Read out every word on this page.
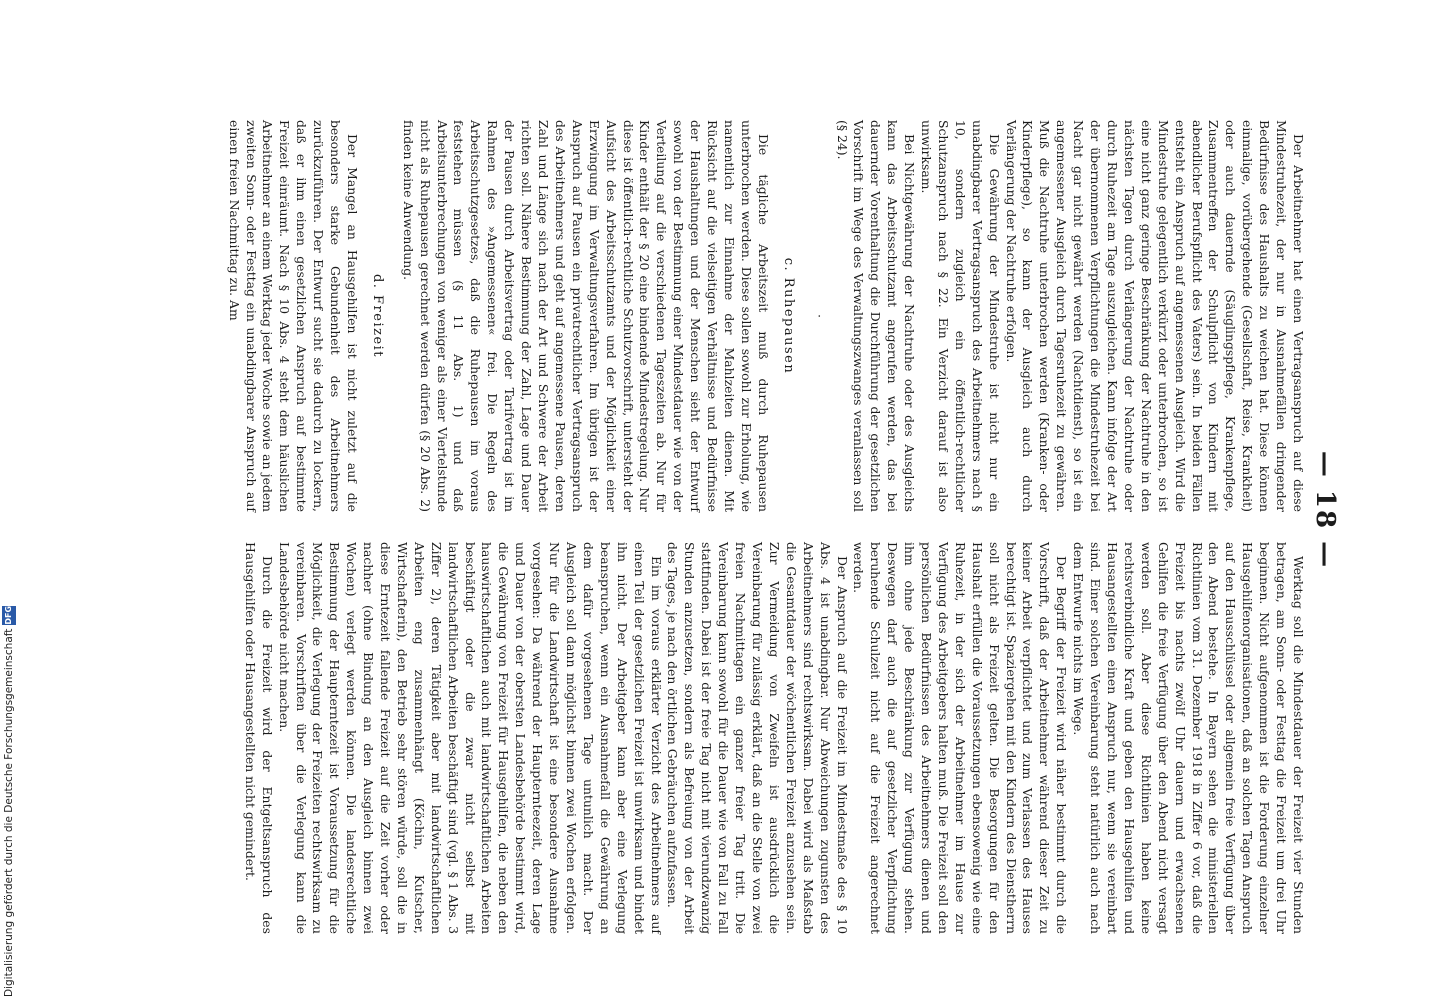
— 18 —

Der Arbeitnehmer hat einen Vertragsanspruch auf diese Mindestruhezeit, der nur in Ausnahmefällen dringender Bedürfnisse des Haushalts zu weichen hat. Diese können einmalige, vorübergehende (Gesellschaft, Reise, Krankheit) oder auch dauernde (Säuglingspflege, Krankenpflege, Zusammentreffen der Schulpflicht von Kindern mit abendlicher Berufspflicht des Vaters) sein. In beiden Fällen entsteht ein Anspruch auf angemessenen Ausgleich. Wird die Mindestruhe gelegentlich verkürzt oder unterbrochen, so ist eine nicht ganz geringe Beschränkung der Nachtruhe in den nächsten Tagen durch Verlängerung der Nachtruhe oder durch Ruhezeit am Tage auszugleichen. Kann infolge der Art der übernommenen Verpflichtungen die Mindestruhezeit bei Nacht gar nicht gewährt werden (Nachtdienst), so ist ein angemessener Ausgleich durch Tagesruhezeit zu gewähren. Muß die Nachtruhe unterbrochen werden (Kranken- oder Kinderpflege), so kann der Ausgleich auch durch Verlängerung der Nachtruhe erfolgen.

Die Gewährung der Mindestruhe ist nicht nur ein unabdingbarer Vertragsanspruch des Arbeitnehmers nach § 10, sondern zugleich ein öffentlich-rechtlicher Schutzanspruch nach § 22. Ein Verzicht darauf ist also unwirksam.

Bei Nichtgewährung der Nachtruhe oder des Ausgleichs kann das Arbeitsschutzamt angerufen werden, das bei dauernder Vorenthaltung die Durchführung der gesetzlichen Vorschrift im Wege des Verwaltungszwanges veranlassen soll (§ 24).

·
c. Ruhepausen

Die tägliche Arbeitszeit muß durch Ruhepausen unterbrochen werden. Diese sollen sowohl zur Erholung, wie namentlich zur Einnahme der Mahlzeiten dienen. Mit Rücksicht auf die vielseitigen Verhältnisse und Bedürfnisse der Haushaltungen und der Menschen sieht der Entwurf sowohl von der Bestimmung einer Mindestdauer wie von der Verteilung auf die verschiedenen Tageszeiten ab. Nur für Kinder enthält der § 20 eine bindende Mindestregelung. Nur diese ist öffentlich-rechtliche Schutzvorschrift, untersteht der Aufsicht des Arbeitsschutzamts und der Möglichkeit einer Erzwingung im Verwaltungsverfahren. Im übrigen ist der Anspruch auf Pausen ein privatrechtlicher Vertragsanspruch des Arbeitnehmers und geht auf angemessene Pausen, deren Zahl und Länge sich nach der Art und Schwere der Arbeit richten soll. Nähere Bestimmung der Zahl, Lage und Dauer der Pausen durch Arbeitsvertrag oder Tarifvertrag ist im Rahmen des »Angemessenen« frei. Die Regeln des Arbeitsschutzgesetzes, daß die Ruhepausen im voraus feststehen müssen (§ 11 Abs. 1) und daß Arbeitsunterbrechungen von weniger als einer Viertelstunde nicht als Ruhepausen gerechnet werden dürfen (§ 20 Abs. 2) finden keine Anwendung.

d. Freizeit

Der Mangel an Hausgehilfen ist nicht zuletzt auf die besonders starke Gebundenheit des Arbeitnehmers zurückzuführen. Der Entwurf sucht sie dadurch zu lockern, daß er ihm einen gesetzlichen Anspruch auf bestimmte Freizeit einräumt. Nach § 10 Abs. 4 steht dem häuslichen Arbeitnehmer an einem Werktag jeder Woche sowie an jedem zweiten Sonn- oder Festtag ein unabdingbarer Anspruch auf einen freien Nachmittag zu. Am

Werktag soll die Mindestdauer der Freizeit vier Stunden betragen, am Sonn- oder Festtag die Freizeit um drei Uhr beginnen. Nicht aufgenommen ist die Forderung einzelner Hausgehilfenorganisationen, daß an solchen Tagen Anspruch auf den Hausschlüssel oder allgemein freie Verfügung über den Abend bestehe. In Bayern sehen die ministeriellen Richtlinien vom 31. Dezember 1918 in Ziffer 6 vor, daß die Freizeit bis nachts zwölf Uhr dauern und erwachsenen Gehilfen die freie Verfügung über den Abend nicht versagt werden soll. Aber diese Richtlinien haben keine rechtsverbindliche Kraft und geben den Hausgehilfen und Hausangestellten einen Anspruch nur, wenn sie vereinbart sind. Einer solchen Vereinbarung steht natürlich auch nach dem Entwurfe nichts im Wege.

Der Begriff der Freizeit wird näher bestimmt durch die Vorschrift, daß der Arbeitnehmer während dieser Zeit zu keiner Arbeit verpflichtet und zum Verlassen des Hauses berechtigt ist. Spaziergehen mit den Kindern des Dienstherrn soll nicht als Freizeit gelten. Die Besorgungen für den Haushalt erfüllen die Voraussetzungen ebensowenig wie eine Ruhezeit, in der sich der Arbeitnehmer im Hause zur Verfügung des Arbeitgebers halten muß. Die Freizeit soll den persönlichen Bedürfnissen des Arbeitnehmers dienen und ihm ohne jede Beschränkung zur Verfügung stehen. Deswegen darf auch die auf gesetzlicher Verpflichtung beruhende Schulzeit nicht auf die Freizeit angerechnet werden.

Der Anspruch auf die Freizeit im Mindestmaße des § 10 Abs. 4 ist unabdingbar. Nur Abweichungen zugunsten des Arbeitnehmers sind rechtswirksam. Dabei wird als Maßstab die Gesamtdauer der wöchentlichen Freizeit anzusehen sein. Zur Vermeidung von Zweifeln ist ausdrücklich die Vereinbarung für zulässig erklärt, daß an die Stelle von zwei freien Nachmittagen ein ganzer freier Tag tritt. Die Vereinbarung kann sowohl für die Dauer wie von Fall zu Fall stattfinden. Dabei ist der freie Tag nicht mit vierundzwanzig Stunden anzusetzen, sondern als Befreiung von der Arbeit des Tages, je nach den örtlichen Gebräuchen aufzufassen.

Ein im voraus erklärter Verzicht des Arbeitnehmers auf einen Teil der gesetzlichen Freizeit ist unwirksam und bindet ihn nicht. Der Arbeitgeber kann aber eine Verlegung beanspruchen, wenn ein Ausnahmefall die Gewährung an dem dafür vorgesehenen Tage untunlich macht. Der Ausgleich soll dann möglichst binnen zwei Wochen erfolgen. Nur für die Landwirtschaft ist eine besondere Ausnahme vorgesehen: Da während der Haupternteezeit, deren Lage und Dauer von der obersten Landesbehörde bestimmt wird, die Gewährung von Freizeit für Hausgehilfen, die neben den hauswirtschaftlichen auch mit landwirtschaftlichen Arbeiten beschäftigt oder die zwar nicht selbst mit landwirtschaftlichen Arbeiten beschäftigt sind (vgl. § 1 Abs. 3 Ziffer 2), deren Tätigkeit aber mit landwirtschaftlichen Arbeiten eng zusammenhängt (Köchin, Kutscher, Wirtschafterin), den Betrieb sehr stören würde, soll die in diese Erntezeit fallende Freizeit auf die Zeit vorher oder nachher (ohne Bindung an den Ausgleich binnen zwei Wochen) verlegt werden können. Die landesrechtliche Bestimmung der Haupterntezeit ist Voraussetzung für die Möglichkeit, die Verlegung der Freizeiten rechtswirksam zu vereinbaren. Vorschriften über die Verlegung kann die Landesbehörde nicht machen.

Durch die Freizeit wird der Entgeltsanspruch des Hausgehilfen oder Hausangestellten nicht gemindert.

Digitalisierung gefördert durch die Deutsche Forschungsgemeinschaft
DFG
